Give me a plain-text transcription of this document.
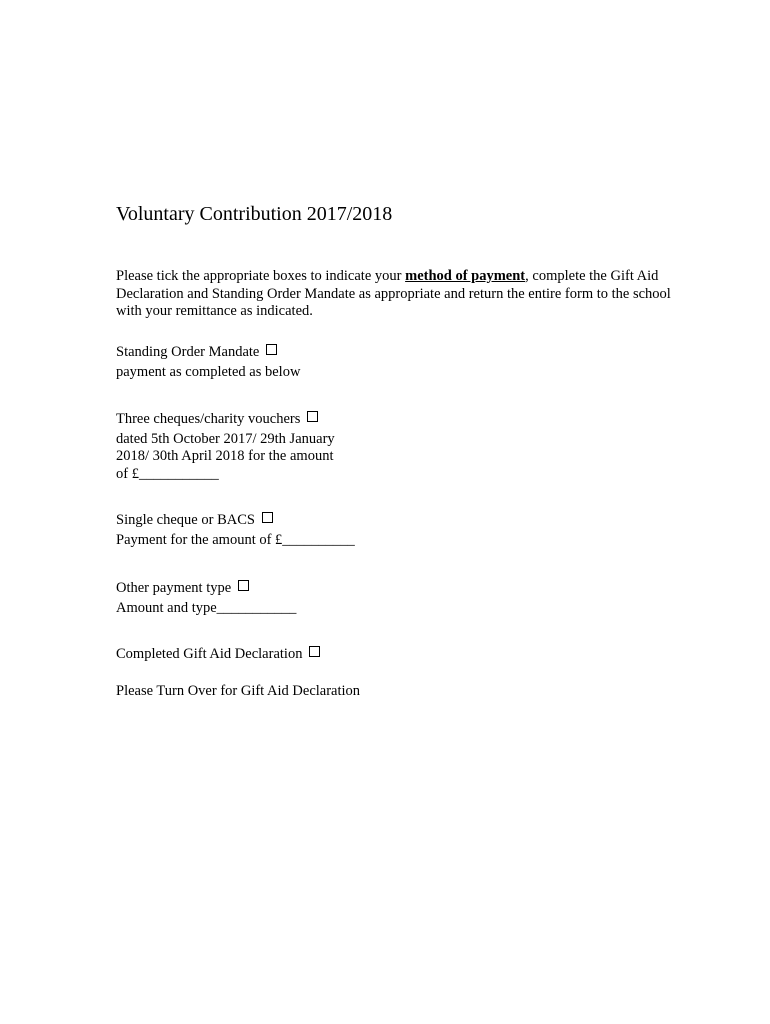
Voluntary Contribution 2017/2018
Please tick the appropriate boxes to indicate your method of payment, complete the Gift Aid Declaration and Standing Order Mandate as appropriate and return the entire form to the school with your remittance as indicated.
Standing Order Mandate
payment as completed as below
Three cheques/charity vouchers
dated 5th October 2017/ 29th January
2018/ 30th April 2018 for the amount
of £___________
Single cheque or BACS
Payment for the amount of £__________
Other payment type
Amount and type___________
Completed Gift Aid Declaration
Please Turn Over for Gift Aid Declaration
